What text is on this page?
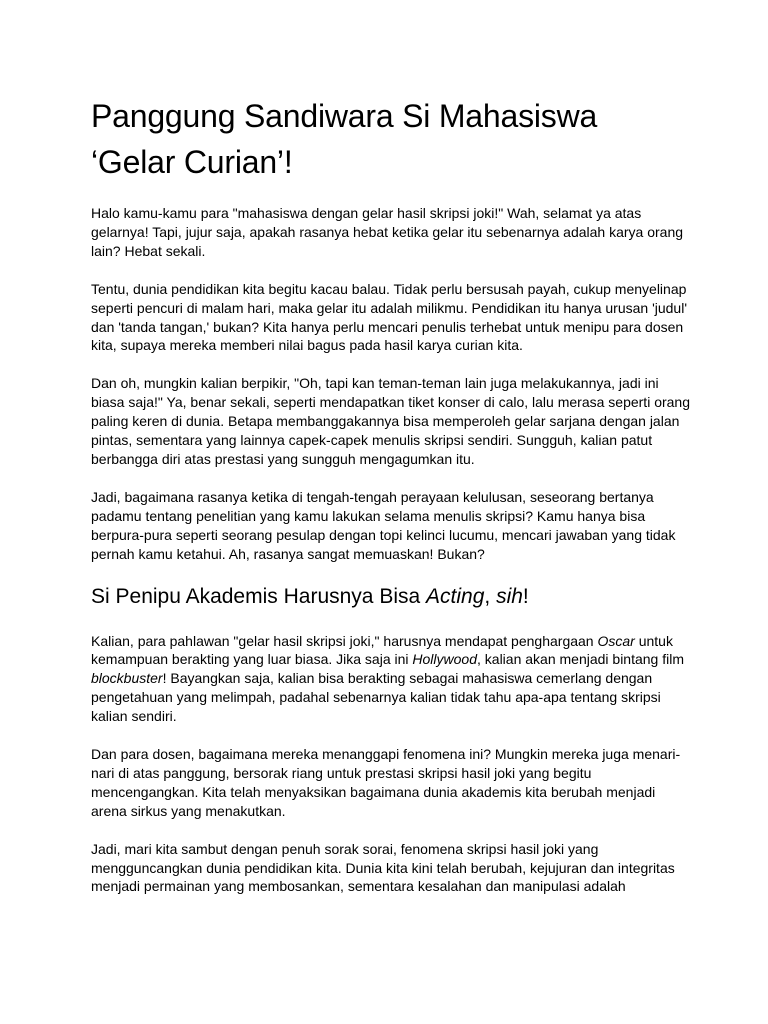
Panggung Sandiwara Si Mahasiswa
‘Gelar Curian’!

Halo kamu-kamu para "mahasiswa dengan gelar hasil skripsi joki!" Wah, selamat ya atas gelarnya! Tapi, jujur saja, apakah rasanya hebat ketika gelar itu sebenarnya adalah karya orang lain? Hebat sekali.

Tentu, dunia pendidikan kita begitu kacau balau. Tidak perlu bersusah payah, cukup menyelinap seperti pencuri di malam hari, maka gelar itu adalah milikmu. Pendidikan itu hanya urusan 'judul' dan 'tanda tangan,' bukan? Kita hanya perlu mencari penulis terhebat untuk menipu para dosen kita, supaya mereka memberi nilai bagus pada hasil karya curian kita.

Dan oh, mungkin kalian berpikir, "Oh, tapi kan teman-teman lain juga melakukannya, jadi ini biasa saja!" Ya, benar sekali, seperti mendapatkan tiket konser di calo, lalu merasa seperti orang paling keren di dunia. Betapa membanggakannya bisa memperoleh gelar sarjana dengan jalan pintas, sementara yang lainnya capek-capek menulis skripsi sendiri. Sungguh, kalian patut berbangga diri atas prestasi yang sungguh mengagumkan itu.

Jadi, bagaimana rasanya ketika di tengah-tengah perayaan kelulusan, seseorang bertanya padamu tentang penelitian yang kamu lakukan selama menulis skripsi? Kamu hanya bisa berpura-pura seperti seorang pesulap dengan topi kelinci lucumu, mencari jawaban yang tidak pernah kamu ketahui. Ah, rasanya sangat memuaskan! Bukan?

Si Penipu Akademis Harusnya Bisa Acting, sih!

Kalian, para pahlawan "gelar hasil skripsi joki," harusnya mendapat penghargaan Oscar untuk kemampuan berakting yang luar biasa. Jika saja ini Hollywood, kalian akan menjadi bintang film blockbuster! Bayangkan saja, kalian bisa berakting sebagai mahasiswa cemerlang dengan pengetahuan yang melimpah, padahal sebenarnya kalian tidak tahu apa-apa tentang skripsi kalian sendiri.

Dan para dosen, bagaimana mereka menanggapi fenomena ini? Mungkin mereka juga menari-nari di atas panggung, bersorak riang untuk prestasi skripsi hasil joki yang begitu mencengangkan. Kita telah menyaksikan bagaimana dunia akademis kita berubah menjadi arena sirkus yang menakutkan.

Jadi, mari kita sambut dengan penuh sorak sorai, fenomena skripsi hasil joki yang mengguncangkan dunia pendidikan kita. Dunia kita kini telah berubah, kejujuran dan integritas menjadi permainan yang membosankan, sementara kesalahan dan manipulasi adalah
